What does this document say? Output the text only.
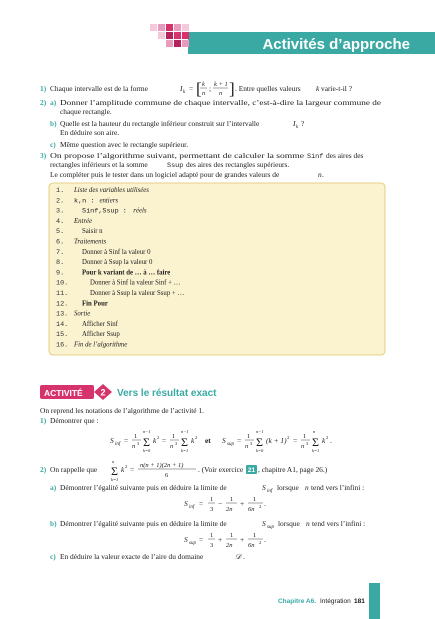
Activités d’approche
1) Chaque intervalle est de la forme	I k = [ k
n
; k + 1
n ] . Entre quelles valeurs k varie-t-il ?
2) a) Donner l’amplitude commune de chaque intervalle, c’est-à-dire la largeur commune de
chaque rectangle.
b) Quelle est la hauteur du rectangle inférieur construit sur l’intervalle	I k ?
En déduire son aire.
c) Même question avec le rectangle supérieur.
3) On propose l’algorithme suivant, permettant de calculer la somme Sinf des aires des
rectangles inférieurs et la somme	Ssup des aires des rectangles supérieurs.
Le compléter puis le tester dans un logiciel adapté pour de grandes valeurs de	n .
1. Liste des variables utilisées
2. k,n : entiers
3.	Sinf,Ssup : réels
4. Entrée
5.	Saisir n
6. Traitements
7.	Donner à Sinf la valeur 0
8.	Donner à Ssup la valeur 0
9.	Pour k variant de … à … faire
10.	Donner à Sinf la valeur Sinf + …
11.	Donner à Ssup la valeur Ssup + …
12. Fin Pour
13. Sortie
14. Afficher Sinf
15. Afficher Ssup
16. Fin de l’algorithme
ACTIVITÉ 2 Vers le résultat exact
On reprend les notations de l’algorithme de l’activité 1.
1) Démontrer que :
S inf = 1
n 3 Σ
n−1
k=0
k 2 = 1
n 3 Σ
n−1
k=1
k 2 et S sup = 1
n 3 Σ
n−1
k=0
(k + 1) 2 = 1
n 3 Σ
n
k=1
k 2 .
2) On rappelle que Σ
n
k=1
k 2 = n(n + 1)(2n + 1)
6
. (Voir exercice 21 , chapitre A1, page 26.)
a) Démontrer l’égalité suivante puis en déduire la limite de	S inf lorsque n tend vers l’infini :
S inf = 1
3
− 1
2n
+ 1
6n 2 .
b) Démontrer l’égalité suivante puis en déduire la limite de	S sup lorsque n tend vers l’infini :
S sup = 1
3
+ 1
2n
+ 1
6n 2 .
c) En déduire la valeur exacte de l’aire du domaine	𝒟 .
Chapitre A6. Intégration 181
